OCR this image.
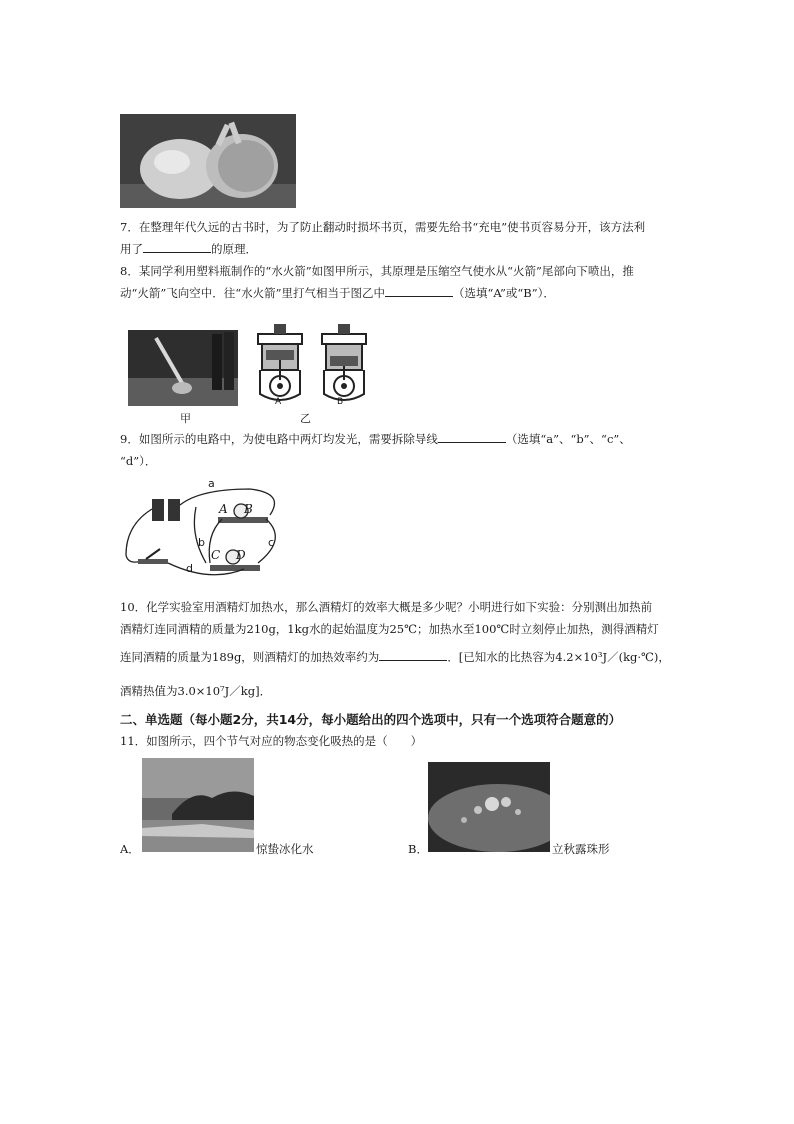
7．在整理年代久远的古书时，为了防止翻动时损坏书页，需要先给书“充电”使书页容易分开，该方法利
用了	的原理．
8．某同学利用塑料瓶制作的“水火箭”如图甲所示，其原理是压缩空气使水从“火箭”尾部向下喷出，推
动“火箭”飞向空中．往“水火箭”里打气相当于图乙中	（选填“A”或“B”）．
甲
A	B
乙
9．如图所示的电路中，为使电路中两灯均发光，需要拆除导线	（选填“a”、“b”、“c”、
“d”）．
a
b	c
d
A B
C D
10．化学实验室用酒精灯加热水，那么酒精灯的效率大概是多少呢？小明进行如下实验：分别测出加热前
酒精灯连同酒精的质量为210g，1kg水的起始温度为25℃；加热水至100℃时立刻停止加热，测得酒精灯
连同酒精的质量为189g，则酒精灯的加热效率约为	．[已知水的比热容为4.2×10³J／(kg·℃)，
酒精热值为3.0×10⁷J／kg]．
二、单选题（每小题2分，共14分，每小题给出的四个选项中，只有一个选项符合题意的）
11．如图所示，四个节气对应的物态变化吸热的是（　　）
A．	惊蛰冰化水	B．	立秋露珠形
